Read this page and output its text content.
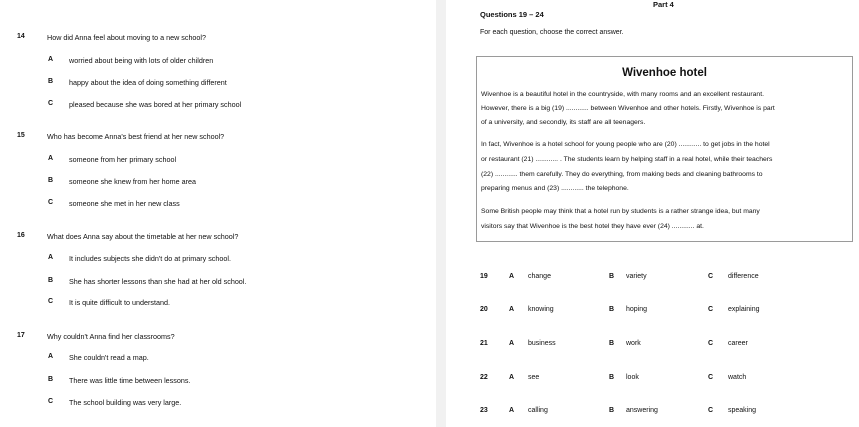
14	How did Anna feel about moving to a new school?
A worried about being with lots of older children
B happy about the idea of doing something different
C pleased because she was bored at her primary school
15	Who has become Anna's best friend at her new school?
A someone from her primary school
B someone she knew from her home area
C someone she met in her new class
16	What does Anna say about the timetable at her new school?
A It includes subjects she didn't do at primary school.
B She has shorter lessons than she had at her old school.
C It is quite difficult to understand.
17	Why couldn't Anna find her classrooms?
A She couldn't read a map.
B There was little time between lessons.
C The school building was very large.
Part 4
Questions 19 – 24
For each question, choose the correct answer.
Wivenhoe hotel
Wivenhoe is a beautiful hotel in the countryside, with many rooms and an excellent restaurant.
However, there is a big (19) ............ between Wivenhoe and other hotels. Firstly, Wivenhoe is part
of a university, and secondly, its staff are all teenagers.
In fact, Wivenhoe is a hotel school for young people who are (20) ............ to get jobs in the hotel
or restaurant (21) ............ . The students learn by helping staff in a real hotel, while their teachers
(22) ............ them carefully. They do everything, from making beds and cleaning bathrooms to
preparing menus and (23) ............ the telephone.
Some British people may think that a hotel run by students is a rather strange idea, but many
visitors say that Wivenhoe is the best hotel they have ever (24) ............ at.
19	A change	B variety	C difference
20	A knowing	B hoping	C explaining
21	A business	B work	C career
22	A see	B look	C watch
23	A calling	B answering	C speaking
